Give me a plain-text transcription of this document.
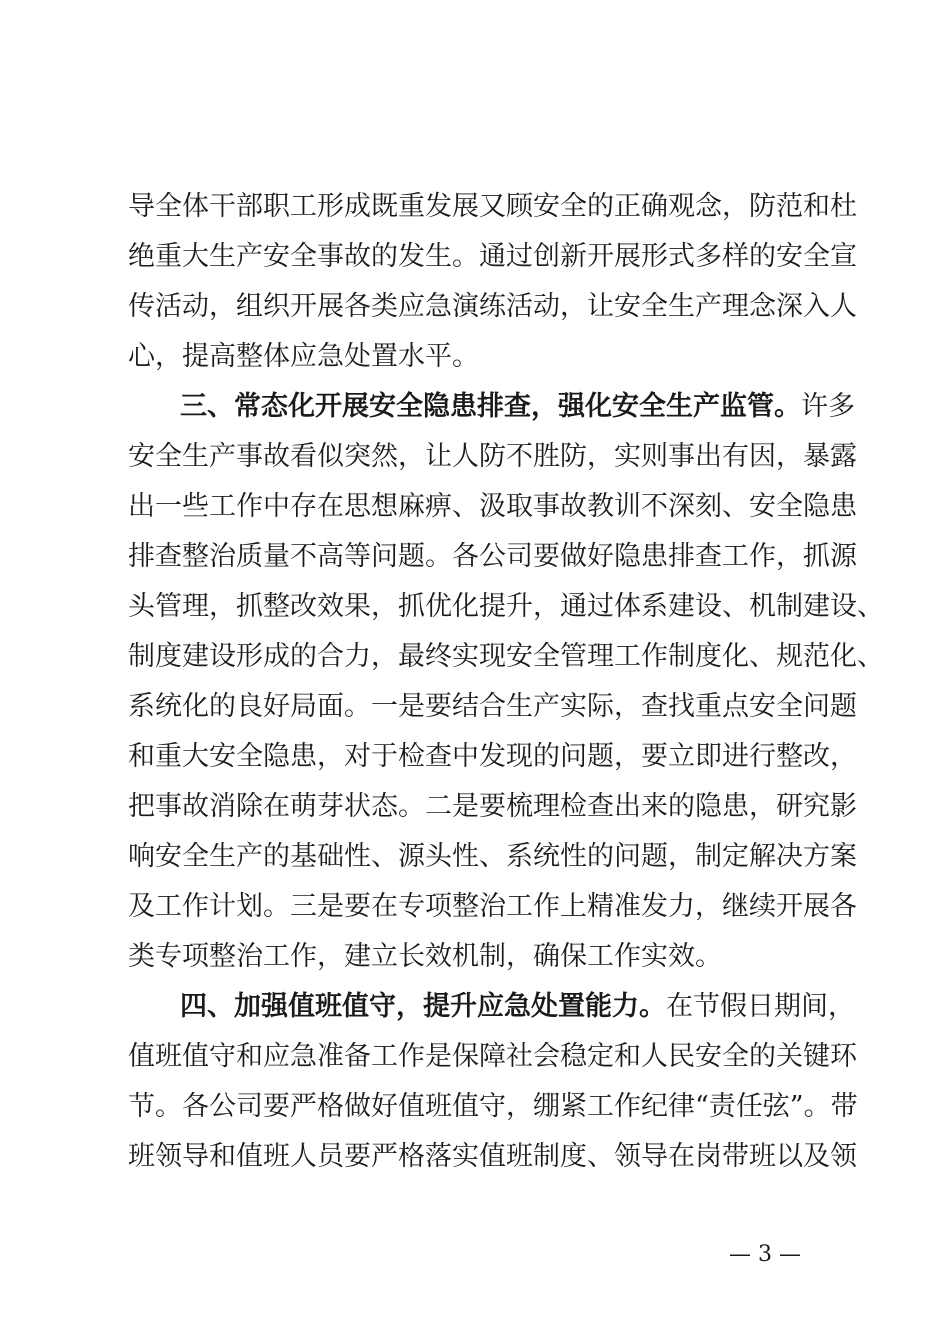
导全体干部职工形成既重发展又顾安全的正确观念，防范和杜
绝重大生产安全事故的发生。通过创新开展形式多样的安全宣
传活动，组织开展各类应急演练活动，让安全生产理念深入人
心，提高整体应急处置水平。
三、常态化开展安全隐患排查，强化安全生产监管。许多
安全生产事故看似突然，让人防不胜防，实则事出有因，暴露
出一些工作中存在思想麻痹、汲取事故教训不深刻、安全隐患
排查整治质量不高等问题。各公司要做好隐患排查工作，抓源
头管理，抓整改效果，抓优化提升，通过体系建设、机制建设、
制度建设形成的合力，最终实现安全管理工作制度化、规范化、
系统化的良好局面。一是要结合生产实际，查找重点安全问题
和重大安全隐患，对于检查中发现的问题，要立即进行整改，
把事故消除在萌芽状态。二是要梳理检查出来的隐患，研究影
响安全生产的基础性、源头性、系统性的问题，制定解决方案
及工作计划。三是要在专项整治工作上精准发力，继续开展各
类专项整治工作，建立长效机制，确保工作实效。
四、加强值班值守，提升应急处置能力。在节假日期间，
值班值守和应急准备工作是保障社会稳定和人民安全的关键环
节。各公司要严格做好值班值守，绷紧工作纪律“责任弦”。带
班领导和值班人员要严格落实值班制度、领导在岗带班以及领
— 3 —
